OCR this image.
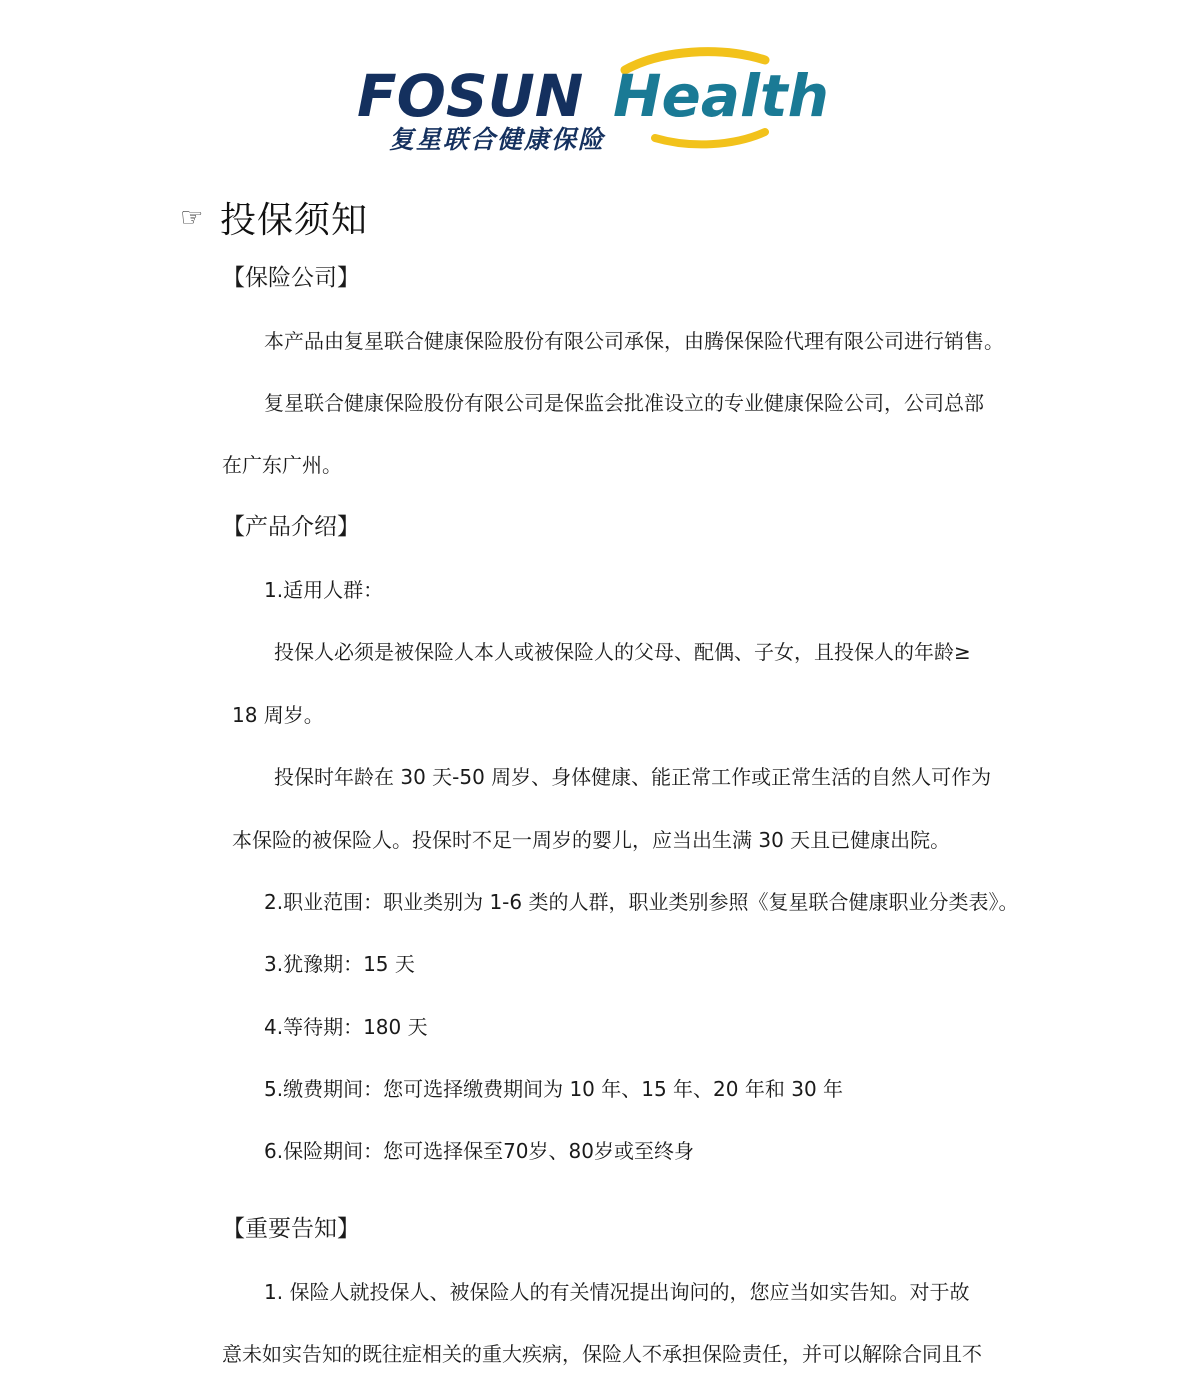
FOSUN Health
复星联合健康保险
☞ 投保须知
【保险公司】
本产品由复星联合健康保险股份有限公司承保，由腾保保险代理有限公司进行销售。
复星联合健康保险股份有限公司是保监会批准设立的专业健康保险公司，公司总部
在广东广州。
【产品介绍】
1.适用人群：
投保人必须是被保险人本人或被保险人的父母、配偶、子女，且投保人的年龄≥
18 周岁。
投保时年龄在 30 天-50 周岁、身体健康、能正常工作或正常生活的自然人可作为
本保险的被保险人。投保时不足一周岁的婴儿，应当出生满 30 天且已健康出院。
2.职业范围：职业类别为 1-6 类的人群，职业类别参照《复星联合健康职业分类表》。
3.犹豫期：15 天
4.等待期：180 天
5.缴费期间：您可选择缴费期间为 10 年、15 年、20 年和 30 年
6.保险期间：您可选择保至70岁、80岁或至终身
【重要告知】
1. 保险人就投保人、被保险人的有关情况提出询问的，您应当如实告知。对于故
意未如实告知的既往症相关的重大疾病，保险人不承担保险责任，并可以解除合同且不
